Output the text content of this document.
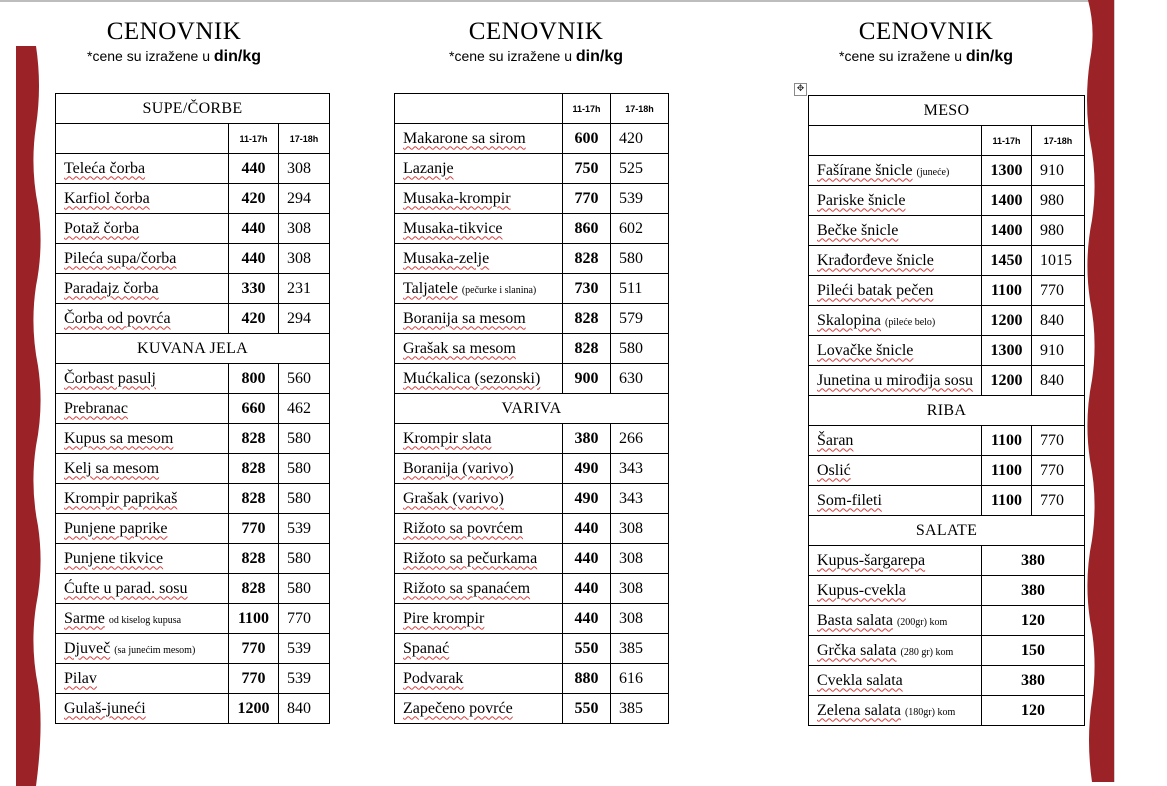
CENOVNIK
*cene su izražene u din/kg
CENOVNIK
*cene su izražene u din/kg
CENOVNIK
*cene su izražene u din/kg
✥
SUPE/ČORBE		
	11-17h	17-18h
Teleća čorba	440	308
Karfiol čorba	420	294
Potaž čorba	440	308
Pileća supa/čorba	440	308
Paradajz čorba	330	231
Čorba od povrća	420	294
KUVANA JELA		
Čorbast pasulj	800	560
Prebranac	660	462
Kupus sa mesom	828	580
Kelj sa mesom	828	580
Krompir paprikaš	828	580
Punjene paprike	770	539
Punjene tikvice	828	580
Ćufte u parad. sosu	828	580
Sarme od kiselog kupusa	1100	770
Djuveč (sa junećim mesom)	770	539
Pilav	770	539
Gulaš-juneći	1200	840
	11-17h	17-18h
Makarone sa sirom	600	420
Lazanje	750	525
Musaka-krompir	770	539
Musaka-tikvice	860	602
Musaka-zelje	828	580
Taljatele (pečurke i slanina)	730	511
Boranija sa mesom	828	579
Grašak sa mesom	828	580
Mućkalica (sezonski)	900	630
VARIVA		
Krompir slata	380	266
Boranija (varivo)	490	343
Grašak (varivo)	490	343
Rižoto sa povrćem	440	308
Rižoto sa pečurkama	440	308
Rižoto sa spanaćem	440	308
Pire krompir	440	308
Spanać	550	385
Podvarak	880	616
Zapečeno povrće	550	385
MESO		
	11-17h	17-18h
Fašírane šnicle (juneće)	1300	910
Pariske šnicle	1400	980
Bečke šnicle	1400	980
Krađorđeve šnicle	1450	1015
Pileći batak pečen	1100	770
Skalopina (pileće belo)	1200	840
Lovačke šnicle	1300	910
Junetina u mirođija sosu	1200	840
RIBA		
Šaran	1100	770
Oslić	1100	770
Som-fileti	1100	770
SALATE		
Kupus-šargarepa	380	
Kupus-cvekla	380	
Basta salata (200gr) kom	120	
Grčka salata (280 gr) kom	150	
Cvekla salata	380	
Zelena salata (180gr) kom	120	
